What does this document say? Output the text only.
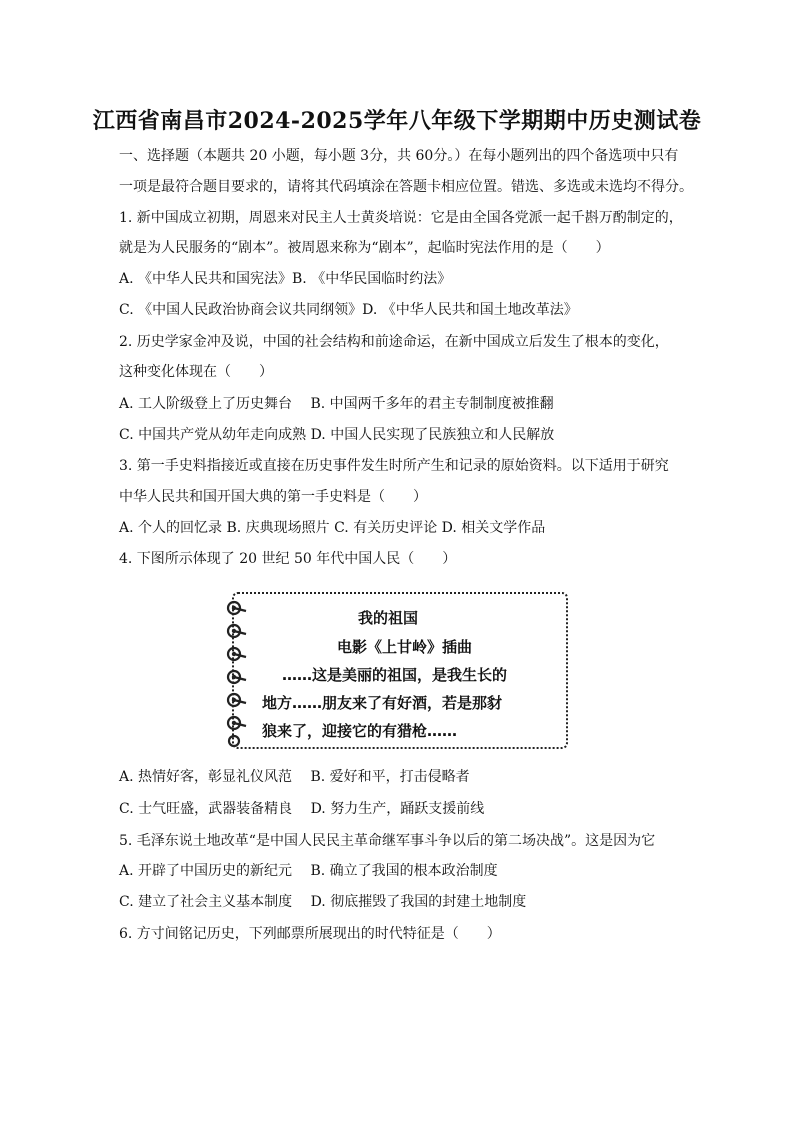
江西省南昌市2024-2025学年八年级下学期期中历史测试卷
一、选择题（本题共 20 小题，每小题 3分，共 60分。）在每小题列出的四个备选项中只有
一项是最符合题目要求的，请将其代码填涂在答题卡相应位置。错选、多选或未选均不得分。
1. 新中国成立初期，周恩来对民主人士黄炎培说：它是由全国各党派一起千斟万酌制定的，
就是为人民服务的“剧本”。被周恩来称为“剧本”，起临时宪法作用的是（　　）
A. 《中华人民共和国宪法》B. 《中华民国临时约法》
C. 《中国人民政治协商会议共同纲领》D. 《中华人民共和国土地改革法》
2. 历史学家金冲及说，中国的社会结构和前途命运，在新中国成立后发生了根本的变化，
这种变化体现在（　　）
A. 工人阶级登上了历史舞台　 B. 中国两千多年的君主专制制度被推翻
C. 中国共产党从幼年走向成熟 D. 中国人民实现了民族独立和人民解放
3. 第一手史料指接近或直接在历史事件发生时所产生和记录的原始资料。以下适用于研究
中华人民共和国开国大典的第一手史料是（　　）
A. 个人的回忆录 B. 庆典现场照片 C. 有关历史评论 D. 相关文学作品
4. 下图所示体现了 20 世纪 50 年代中国人民（　　）
我的祖国
电影《上甘岭》插曲
……这是美丽的祖国，是我生长的
地方……朋友来了有好酒，若是那豺
狼来了，迎接它的有猎枪……
A. 热情好客，彰显礼仪风范　 B. 爱好和平，打击侵略者
C. 士气旺盛，武器装备精良　 D. 努力生产，踊跃支援前线
5. 毛泽东说土地改革“是中国人民民主革命继军事斗争以后的第二场决战”。这是因为它
A. 开辟了中国历史的新纪元　 B. 确立了我国的根本政治制度
C. 建立了社会主义基本制度　 D. 彻底摧毁了我国的封建土地制度
6. 方寸间铭记历史，下列邮票所展现出的时代特征是（　　）
